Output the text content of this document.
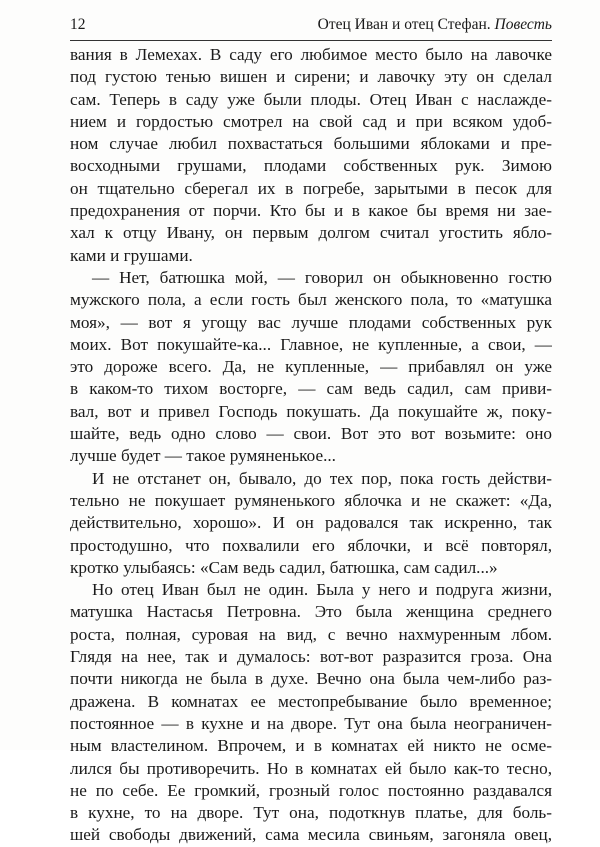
12	Отец Иван и отец Стефан. Повесть
вания в Лемехах. В саду его любимое место было на лавочке
под густою тенью вишен и сирени; и лавочку эту он сделал
сам. Теперь в саду уже были плоды. Отец Иван с наслажде-
нием и гордостью смотрел на свой сад и при всяком удоб-
ном случае любил похвастаться большими яблоками и пре-
восходными грушами, плодами собственных рук. Зимою
он тщательно сберегал их в погребе, зарытыми в песок для
предохранения от порчи. Кто бы и в какое бы время ни зае-
хал к отцу Ивану, он первым долгом считал угостить ябло-
ками и грушами.
— Нет, батюшка мой, — говорил он обыкновенно гостю
мужского пола, а если гость был женского пола, то «матушка
моя», — вот я угощу вас лучше плодами собственных рук
моих. Вот покушайте-ка... Главное, не купленные, а свои, —
это дороже всего. Да, не купленные, — прибавлял он уже
в каком-то тихом восторге, — сам ведь садил, сам приви-
вал, вот и привел Господь покушать. Да покушайте ж, поку-
шайте, ведь одно слово — свои. Вот это вот возьмите: оно
лучше будет — такое румяненькое...
И не отстанет он, бывало, до тех пор, пока гость действи-
тельно не покушает румяненького яблочка и не скажет: «Да,
действительно, хорошо». И он радовался так искренно, так
простодушно, что похвалили его яблочки, и всё повторял,
кротко улыбаясь: «Сам ведь садил, батюшка, сам садил...»
Но отец Иван был не один. Была у него и подруга жизни,
матушка Настасья Петровна. Это была женщина среднего
роста, полная, суровая на вид, с вечно нахмуренным лбом.
Глядя на нее, так и думалось: вот-вот разразится гроза. Она
почти никогда не была в духе. Вечно она была чем-либо раз-
дражена. В комнатах ее местопребывание было временное;
постоянное — в кухне и на дворе. Тут она была неограничен-
ным властелином. Впрочем, и в комнатах ей никто не осме-
лился бы противоречить. Но в комнатах ей было как-то тесно,
не по себе. Ее громкий, грозный голос постоянно раздавался
в кухне, то на дворе. Тут она, подоткнув платье, для боль-
шей свободы движений, сама месила свиньям, загоняла овец,
